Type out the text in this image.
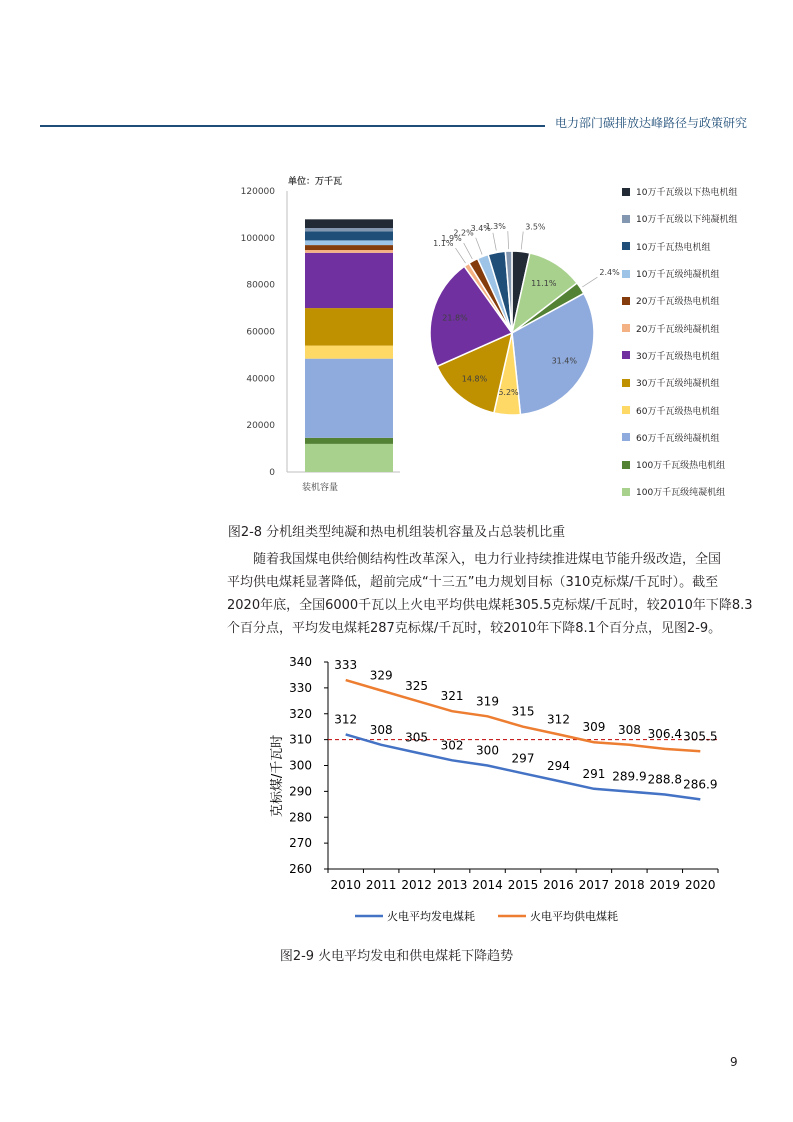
电力部门碳排放达峰路径与政策研究
单位：万千瓦
0
20000
40000
60000
80000
100000
120000
装机容量
3.5%
11.1%
2.4%
31.4%
5.2%
14.8%
21.8%
1.1%
1.9%
2.2%
3.4%
1.3%
10万千瓦级以下热电机组
10万千瓦级以下纯凝机组
10万千瓦热电机组
10万千瓦级纯凝机组
20万千瓦级热电机组
20万千瓦级纯凝机组
30万千瓦级热电机组
30万千瓦级纯凝机组
60万千瓦级热电机组
60万千瓦级纯凝机组
100万千瓦级热电机组
100万千瓦级纯凝机组
图2-8 分机组类型纯凝和热电机组装机容量及占总装机比重

随着我国煤电供给侧结构性改革深入，电力行业持续推进煤电节能升级改造，全国

平均供电煤耗显著降低，超前完成“十三五”电力规划目标（310克标煤/千瓦时）。截至

2020年底，全国6000千瓦以上火电平均供电煤耗305.5克标煤/千瓦时，较2010年下降8.3

个百分点，平均发电煤耗287克标煤/千瓦时，较2010年下降8.1个百分点，见图2-9。

克标煤/千瓦时
260
270
280
290
300
310
320
330
340
2010 2011 2012 2013 2014 2015 2016 2017 2018 2019 2020
312
308
305
302 300
297
294
291 289.9 288.8 286.9
333
329
325
321 319
315
312
309 308 306.4 305.5
火电平均发电煤耗	火电平均供电煤耗
图2-9 火电平均发电和供电煤耗下降趋势
9
